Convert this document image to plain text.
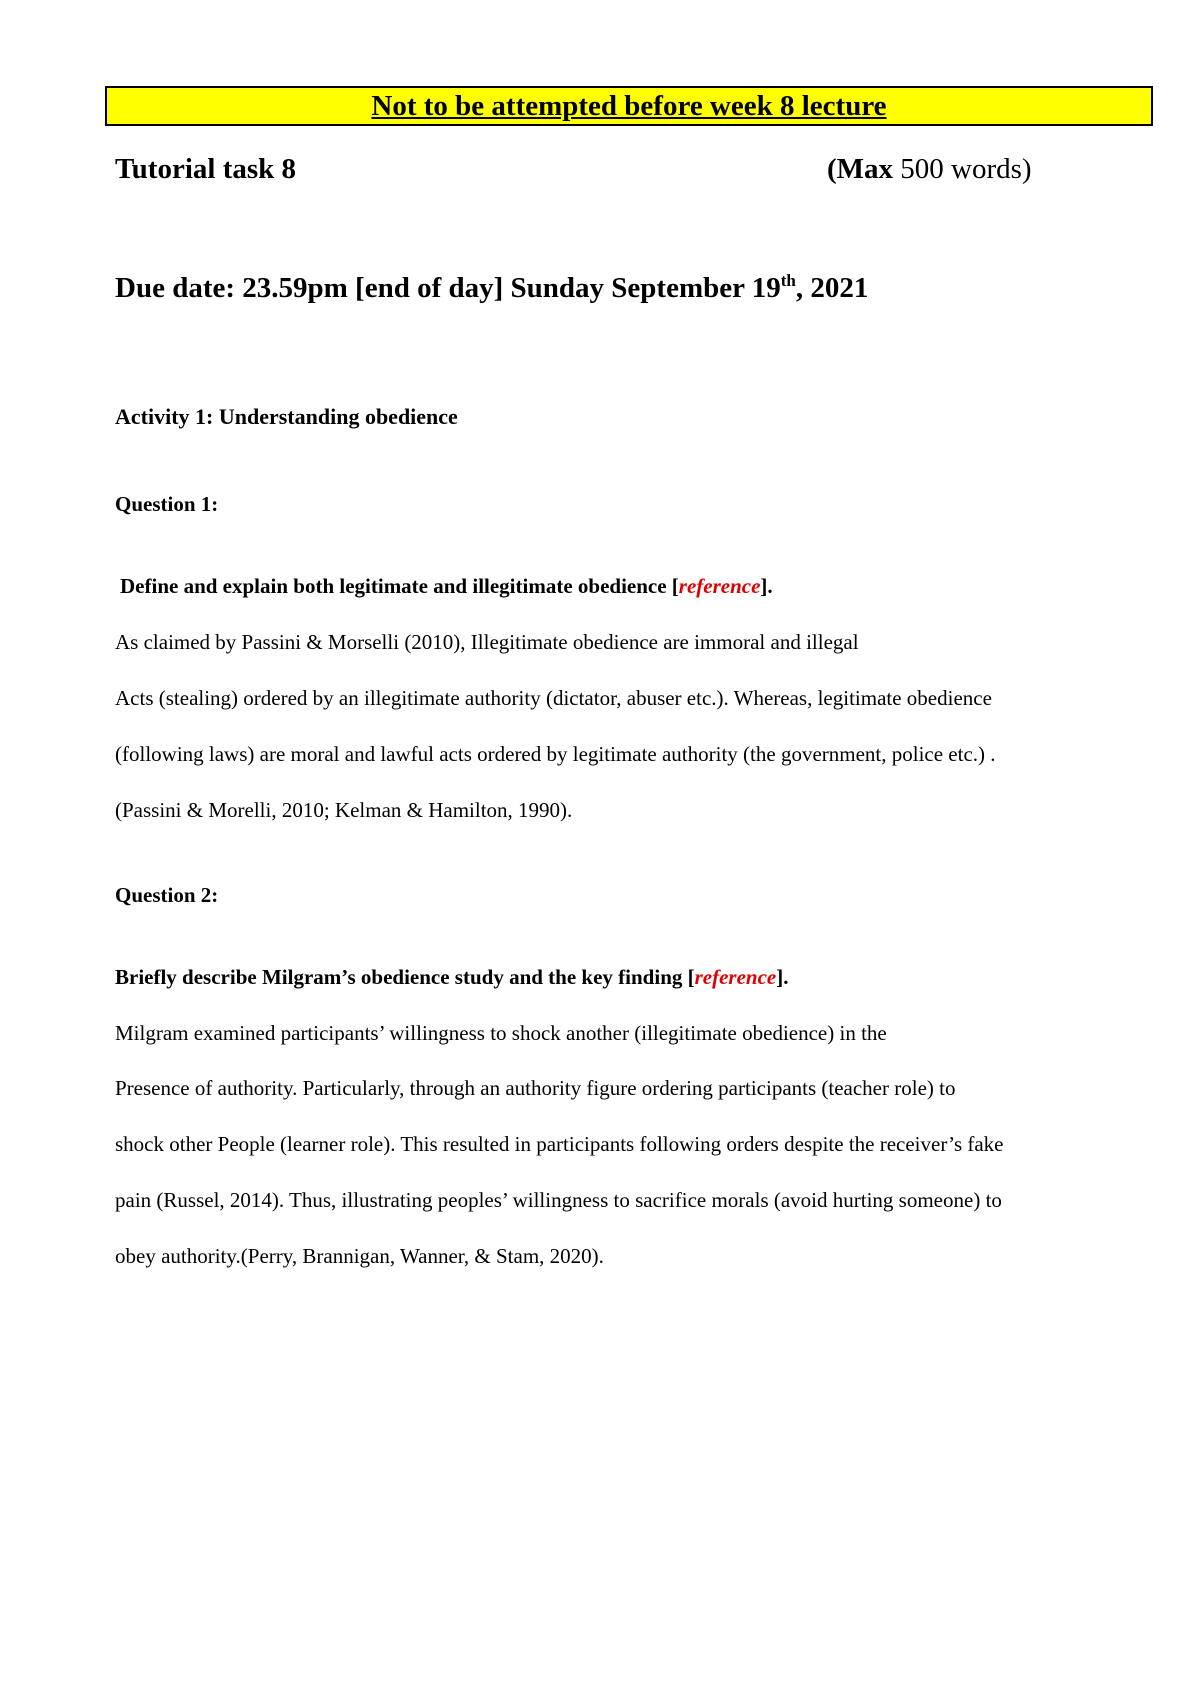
Not to be attempted before week 8 lecture
Tutorial task 8	(Max 500 words)
Due date: 23.59pm [end of day] Sunday September 19th, 2021
Activity 1: Understanding obedience
Question 1:
Define and explain both legitimate and illegitimate obedience [reference].
As claimed by Passini & Morselli (2010), Illegitimate obedience are immoral and illegal
Acts (stealing) ordered by an illegitimate authority (dictator, abuser etc.). Whereas, legitimate obedience
(following laws) are moral and lawful acts ordered by legitimate authority (the government, police etc.) .
(Passini & Morelli, 2010; Kelman & Hamilton, 1990).
Question 2:
Briefly describe Milgram’s obedience study and the key finding [reference].
Milgram examined participants’ willingness to shock another (illegitimate obedience) in the
Presence of authority. Particularly, through an authority figure ordering participants (teacher role) to
shock other People (learner role). This resulted in participants following orders despite the receiver’s fake
pain (Russel, 2014). Thus, illustrating peoples’ willingness to sacrifice morals (avoid hurting someone) to
obey authority.(Perry, Brannigan, Wanner, & Stam, 2020).
